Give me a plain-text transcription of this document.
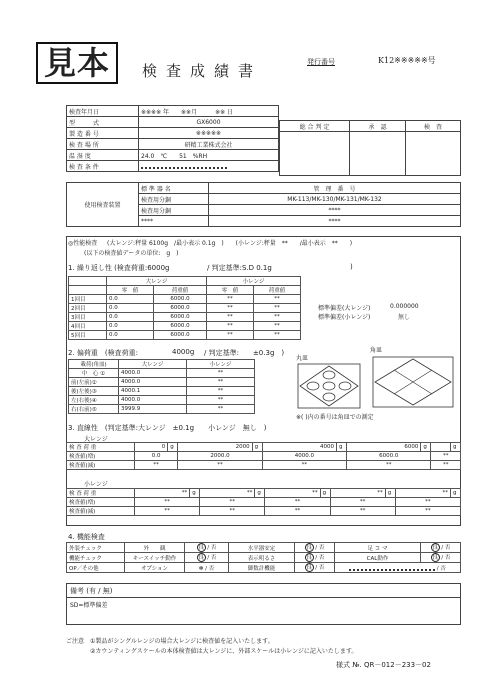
見本	検査成績書	発行番号	K12※※※※※号
検査年月日	※※※※ 年　　※※月　　　※※ 日
型　　式	GX6000
製 造 番 号	※※※※※
検 査 場 所	研精工業株式会社
温 湿 度	24.0　℃　　51　%RH
検 査 条 件	
総 合 判 定	承　認	検　査

使用検査装置	標 準 器 名	管　理　番　号
	検査用分銅	MK-113/MK-130/MK-131/MK-132
	検査用分銅	****
	****	****
◎性能検査 (大レンジ:秤量 6100g　/最小表示 0.1g　)　　(小レンジ:秤量　**　　/最小表示　**　　)
(以下の検査値データの単位:　g　)
1. 繰り返し性 (検査荷重:6000g	/ 判定基準:S.D 0.1g	)
	大レンジ		小レンジ	
	零　値	荷重値	零　値	荷重値
1回目	0.0	6000.0	**	**
2回目	0.0	6000.0	**	**
3回目	0.0	6000.0	**	**
4回目	0.0	6000.0	**	**
5回目	0.0	6000.0	**	**
標準偏差(大レンジ)	0.000000
標準偏差(小レンジ)	無し
2. 偏荷重　(検査荷重:	4000g / 判定基準:　　±0.3g　)
載荷(角皿)	大レンジ	小レンジ
中　心 ①	4000.0	**
前(左前)②	4000.0	**
後(左後)③	4000.1	**
左(右後)④	4000.0	**
右(右前)⑤	3999.9	**
丸皿
角皿
※( )内の番号は角皿での測定
3. 直線性　(判定基準:大レンジ　±0.1g　　小レンジ　無し　)
大レンジ
検 査 荷 重	0	g	2000	g	4000	g	6000	g		g
検査値(増)	0.0		2000.0		4000.0		6000.0		**	
検査値(減)	**		**		**		**		**	
小レンジ
検 査 荷 重	**	g	**	g	**	g	**	g	**	g
検査値(増)	**		**		**		**		**	
検査値(減)	**		**		**		**		**	
4. 機能検査
外装チェック	外　　観	良 / 否	水平器安定	良 / 否	足 コ マ	良 / 否
機能チェック	キースイッチ動作	良 / 否	表示明るさ	良 / 否	CAL動作	良 / 否
OP／その他	オプション	✻ / 否	御数計機能	良 / 否	/ 否	
備考 (有 / 無)
SD=標準偏差
ご注意 ①製品がシングルレンジの場合大レンジに検査値を記入いたします。
②カウンティングスケールの本体検査値は大レンジに、外部スケールは小レンジに記入いたします。
様式 №. QR－012－233－02
